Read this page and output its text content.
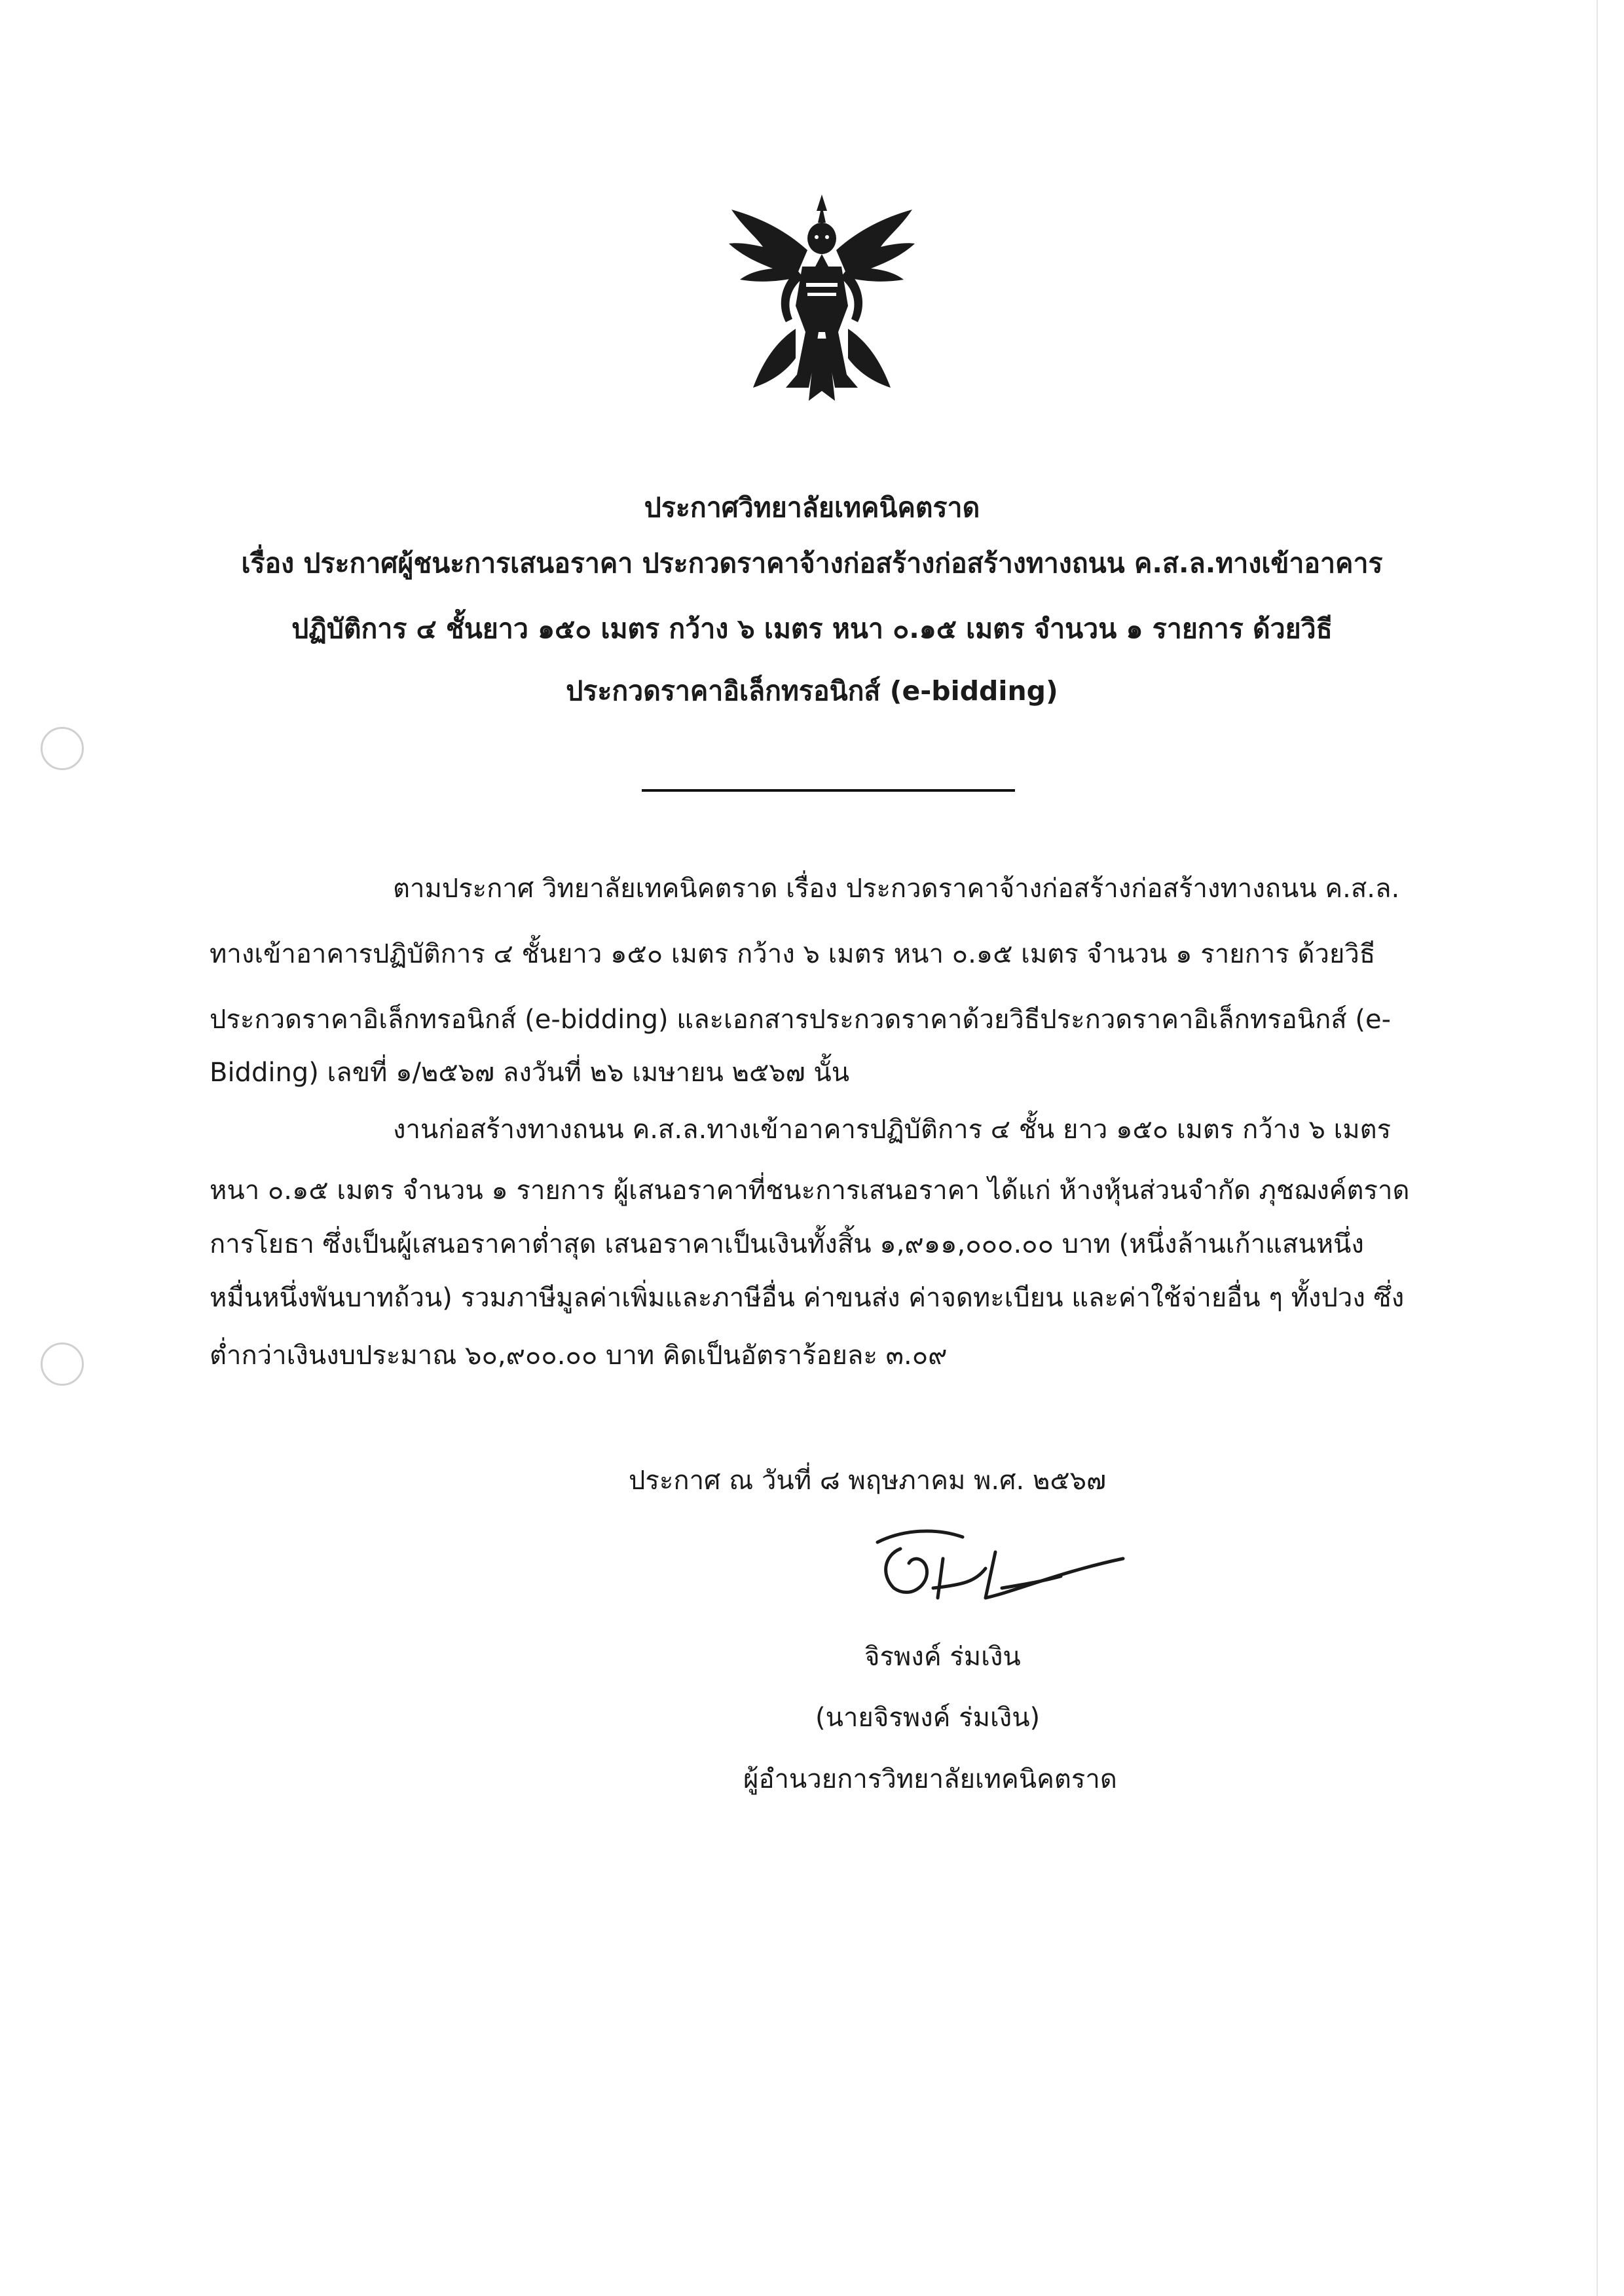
ประกาศวิทยาลัยเทคนิคตราด
เรื่อง ประกาศผู้ชนะการเสนอราคา ประกวดราคาจ้างก่อสร้างก่อสร้างทางถนน ค.ส.ล.ทางเข้าอาคาร
ปฏิบัติการ ๔ ชั้นยาว ๑๕๐ เมตร กว้าง ๖ เมตร หนา ๐.๑๕ เมตร จำนวน ๑ รายการ ด้วยวิธี
ประกวดราคาอิเล็กทรอนิกส์ (e-bidding)
ตามประกาศ วิทยาลัยเทคนิคตราด เรื่อง ประกวดราคาจ้างก่อสร้างก่อสร้างทางถนน ค.ส.ล.
ทางเข้าอาคารปฏิบัติการ ๔ ชั้นยาว ๑๕๐ เมตร กว้าง ๖ เมตร หนา ๐.๑๕ เมตร จำนวน ๑ รายการ ด้วยวิธี
ประกวดราคาอิเล็กทรอนิกส์ (e-bidding) และเอกสารประกวดราคาด้วยวิธีประกวดราคาอิเล็กทรอนิกส์ (e-
Bidding) เลขที่ ๑/๒๕๖๗ ลงวันที่ ๒๖ เมษายน ๒๕๖๗ นั้น
งานก่อสร้างทางถนน ค.ส.ล.ทางเข้าอาคารปฏิบัติการ ๔ ชั้น ยาว ๑๕๐ เมตร กว้าง ๖ เมตร
หนา ๐.๑๕ เมตร จำนวน ๑ รายการ ผู้เสนอราคาที่ชนะการเสนอราคา ได้แก่ ห้างหุ้นส่วนจำกัด ภุชฌงค์ตราด
การโยธา ซึ่งเป็นผู้เสนอราคาต่ำสุด เสนอราคาเป็นเงินทั้งสิ้น ๑,๙๑๑,๐๐๐.๐๐ บาท (หนึ่งล้านเก้าแสนหนึ่ง
หมื่นหนึ่งพันบาทถ้วน) รวมภาษีมูลค่าเพิ่มและภาษีอื่น ค่าขนส่ง ค่าจดทะเบียน และค่าใช้จ่ายอื่น ๆ ทั้งปวง ซึ่ง
ต่ำกว่าเงินงบประมาณ ๖๐,๙๐๐.๐๐ บาท คิดเป็นอัตราร้อยละ ๓.๐๙
ประกาศ ณ วันที่ ๘ พฤษภาคม พ.ศ. ๒๕๖๗
จิรพงค์ ร่มเงิน
(นายจิรพงค์ ร่มเงิน)
ผู้อำนวยการวิทยาลัยเทคนิคตราด
